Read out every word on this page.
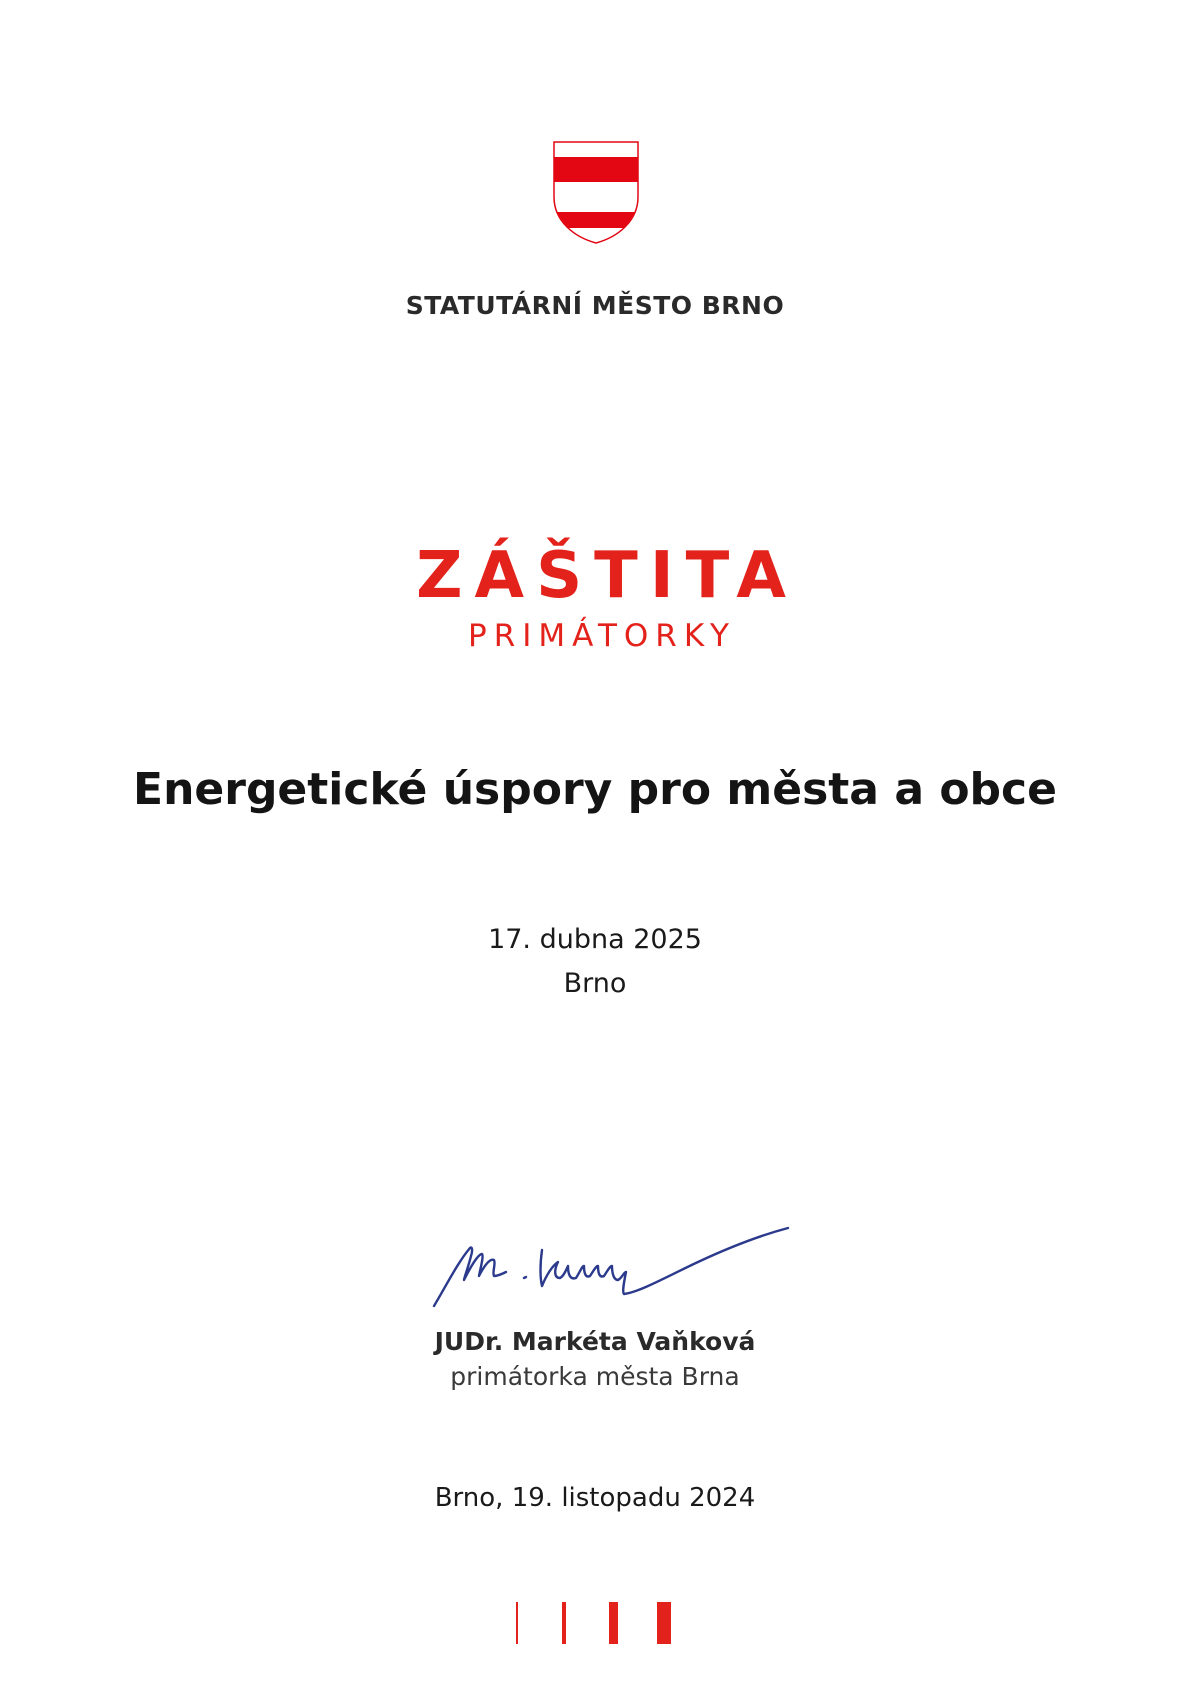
STATUTÁRNÍ MĚSTO BRNO
ZÁŠTITA
PRIMÁTORKY
Energetické úspory pro města a obce
17. dubna 2025
Brno
JUDr. Markéta Vaňková
primátorka města Brna
Brno, 19. listopadu 2024
